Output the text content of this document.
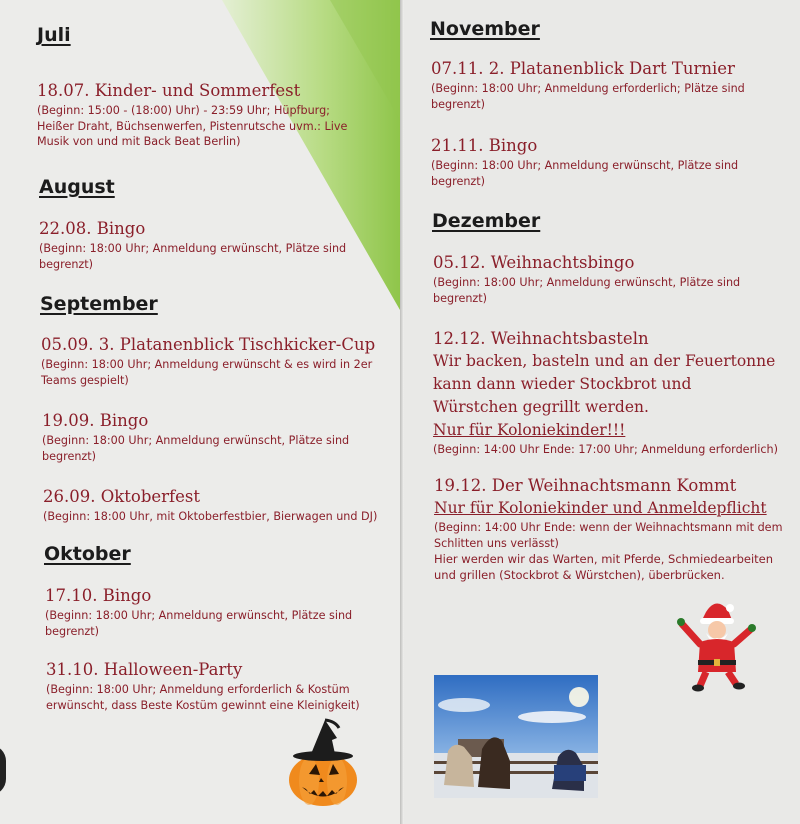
Juli

18.07. Kinder- und Sommerfest

(Beginn: 15:00 - (18:00) Uhr) - 23:59 Uhr; Hüpfburg; Heißer Draht, Büchsenwerfen, Pistenrutsche uvm.: Live Musik von und mit Back Beat Berlin)

August

22.08. Bingo

(Beginn: 18:00 Uhr; Anmeldung erwünscht, Plätze sind begrenzt)

September

05.09. 3. Platanenblick Tischkicker-Cup

(Beginn: 18:00 Uhr; Anmeldung erwünscht & es wird in 2er Teams gespielt)

19.09. Bingo

(Beginn: 18:00 Uhr; Anmeldung erwünscht, Plätze sind begrenzt)

26.09. Oktoberfest

(Beginn: 18:00 Uhr, mit Oktoberfestbier, Bierwagen und DJ)

Oktober

17.10. Bingo

(Beginn: 18:00 Uhr; Anmeldung erwünscht, Plätze sind begrenzt)

31.10. Halloween-Party

(Beginn: 18:00 Uhr; Anmeldung erforderlich & Kostüm erwünscht, dass Beste Kostüm gewinnt eine Kleinigkeit)

November

07.11. 2. Platanenblick Dart Turnier

(Beginn: 18:00 Uhr; Anmeldung erforderlich; Plätze sind begrenzt)

21.11. Bingo

(Beginn: 18:00 Uhr; Anmeldung erwünscht, Plätze sind begrenzt)

Dezember

05.12. Weihnachtsbingo

(Beginn: 18:00 Uhr; Anmeldung erwünscht, Plätze sind begrenzt)

12.12. Weihnachtsbasteln

Wir backen, basteln und an der Feuertonne kann dann wieder Stockbrot und Würstchen gegrillt werden.

Nur für Koloniekinder!!!

(Beginn: 14:00 Uhr Ende: 17:00 Uhr; Anmeldung erforderlich)

19.12. Der Weihnachtsmann Kommt

Nur für Koloniekinder und Anmeldepflicht

(Beginn: 14:00 Uhr Ende: wenn der Weihnachtsmann mit dem Schlitten uns verlässt)

Hier werden wir das Warten, mit Pferde, Schmiedearbeiten und grillen (Stockbrot & Würstchen), überbrücken.
